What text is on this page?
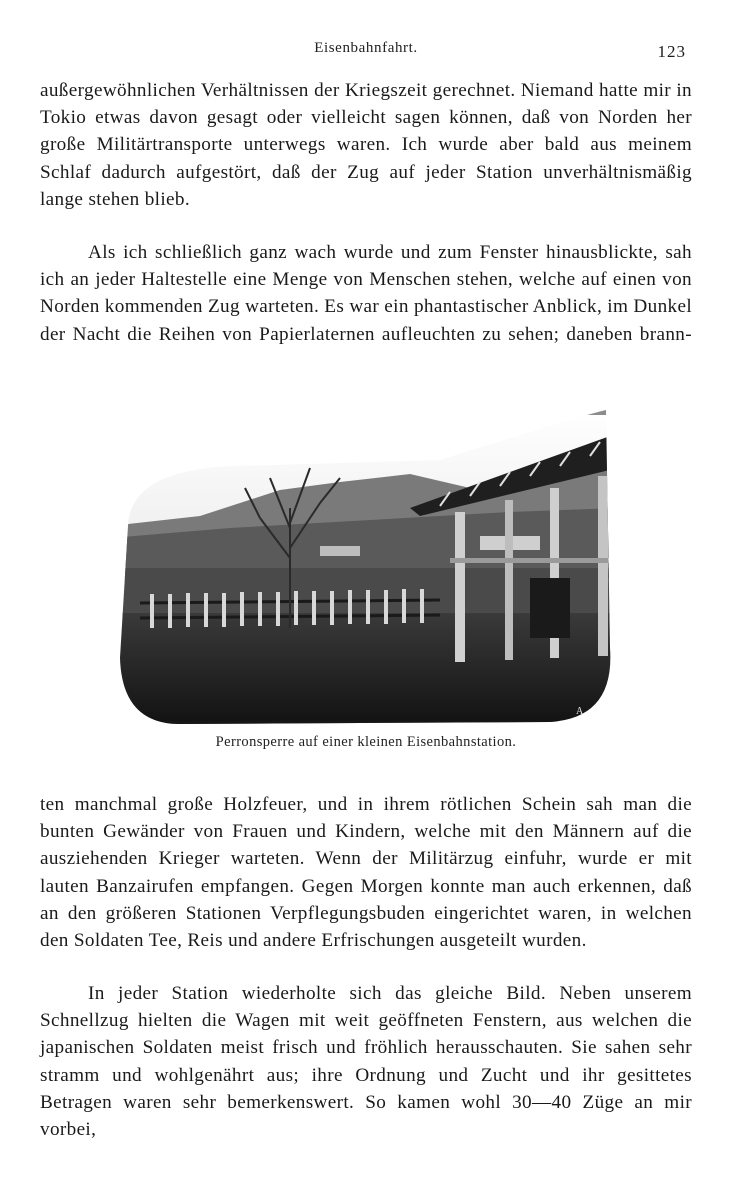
Eisenbahnfahrt.	123

außergewöhnlichen Verhältnissen der Kriegszeit gerechnet. Niemand hatte mir in Tokio etwas davon gesagt oder vielleicht sagen können, daß von Norden her große Militärtransporte unterwegs waren. Ich wurde aber bald aus meinem Schlaf dadurch aufgestört, daß der Zug auf jeder Station unverhältnismäßig lange stehen blieb.

Als ich schließlich ganz wach wurde und zum Fenster hinausblickte, sah ich an jeder Haltestelle eine Menge von Menschen stehen, welche auf einen von Norden kommenden Zug warteten. Es war ein phantastischer Anblick, im Dunkel der Nacht die Reihen von Papierlaternen aufleuchten zu sehen; daneben brann-

A
Perronsperre auf einer kleinen Eisenbahnstation.

ten manchmal große Holzfeuer, und in ihrem rötlichen Schein sah man die bunten Gewänder von Frauen und Kindern, welche mit den Männern auf die ausziehenden Krieger warteten. Wenn der Militärzug einfuhr, wurde er mit lauten Banzairufen empfangen. Gegen Morgen konnte man auch erkennen, daß an den größeren Stationen Verpflegungsbuden eingerichtet waren, in welchen den Soldaten Tee, Reis und andere Erfrischungen ausgeteilt wurden.

In jeder Station wiederholte sich das gleiche Bild. Neben unserem Schnellzug hielten die Wagen mit weit geöffneten Fenstern, aus welchen die japanischen Soldaten meist frisch und fröhlich herausschauten. Sie sahen sehr stramm und wohlgenährt aus; ihre Ordnung und Zucht und ihr gesittetes Betragen waren sehr bemerkenswert. So kamen wohl 30—40 Züge an mir vorbei,
